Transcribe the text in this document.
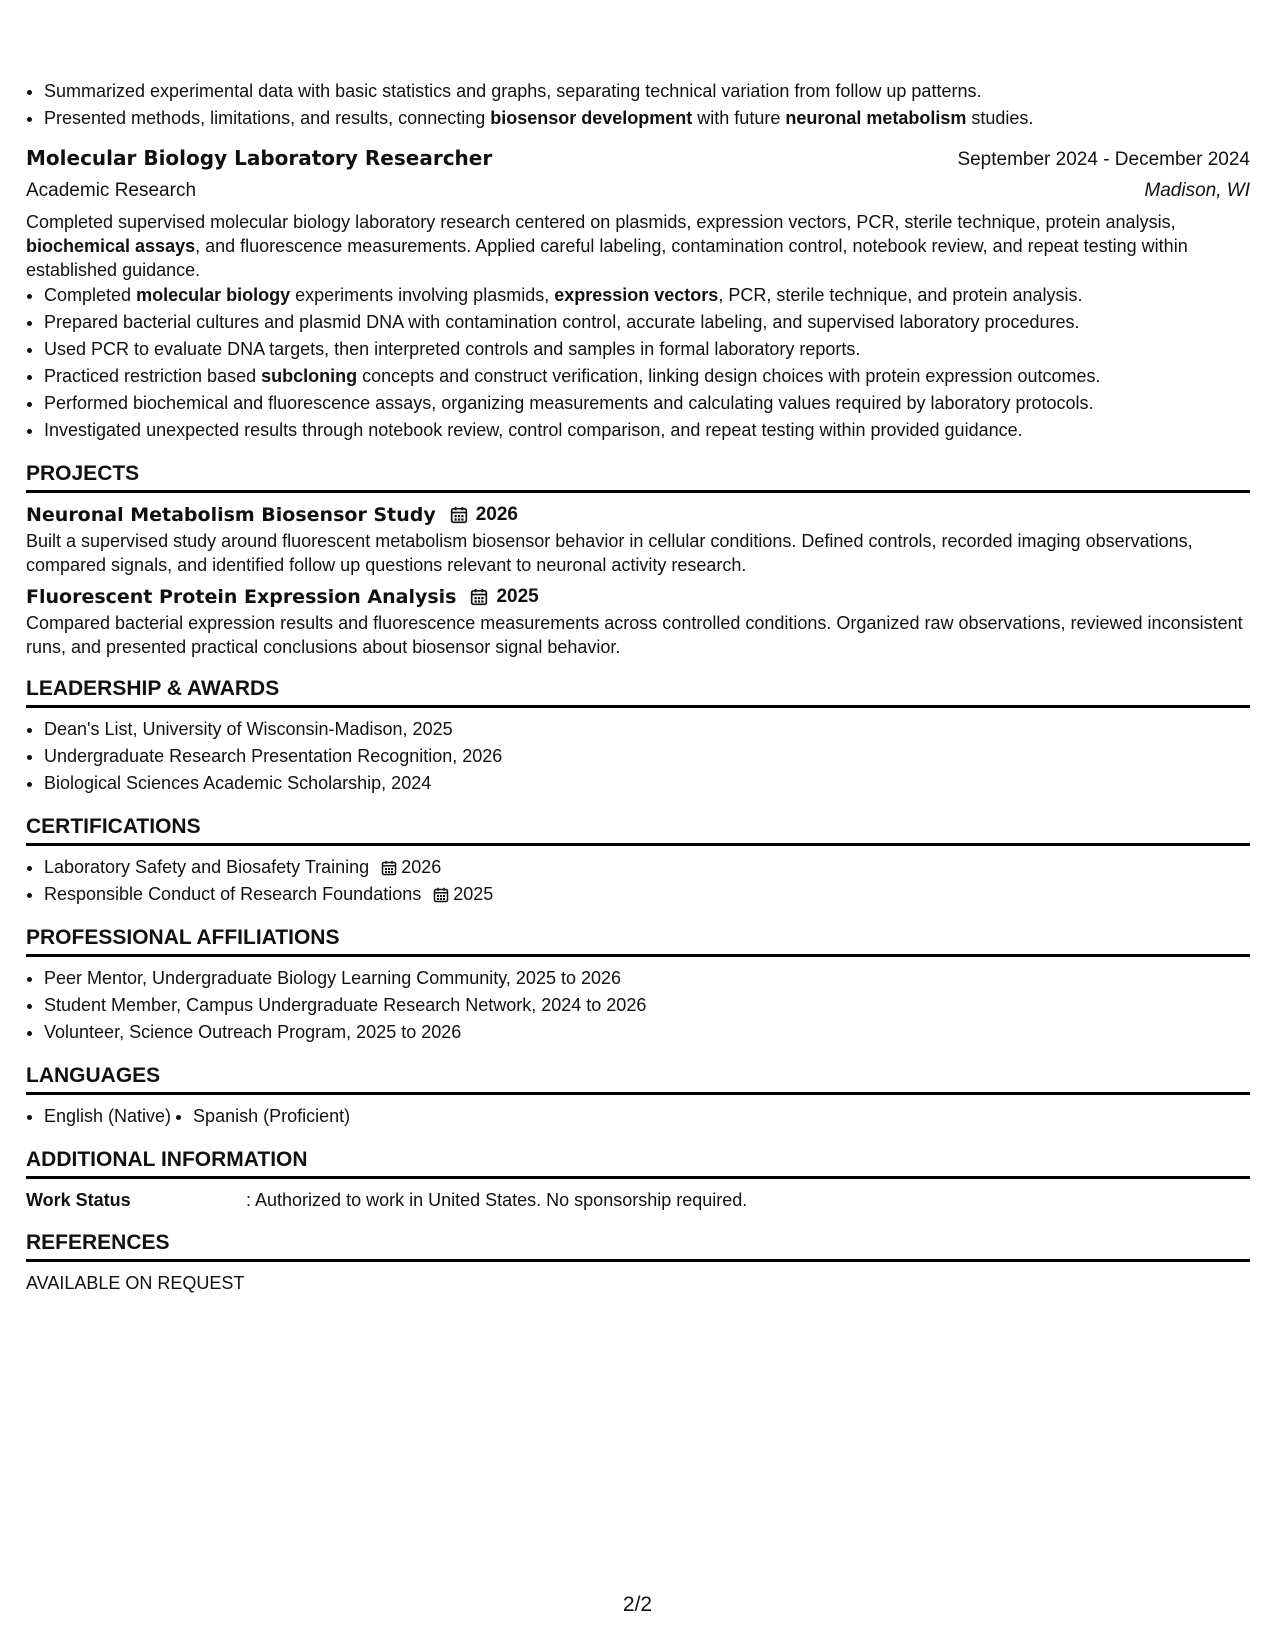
• Summarized experimental data with basic statistics and graphs, separating technical variation from follow up patterns.
• Presented methods, limitations, and results, connecting biosensor development with future neuronal metabolism studies.
Molecular Biology Laboratory Researcher	September 2024 - December 2024
Academic Research	Madison, WI
Completed supervised molecular biology laboratory research centered on plasmids, expression vectors, PCR, sterile technique, protein analysis, biochemical assays, and fluorescence measurements. Applied careful labeling, contamination control, notebook review, and repeat testing within established guidance.
• Completed molecular biology experiments involving plasmids, expression vectors, PCR, sterile technique, and protein analysis.
• Prepared bacterial cultures and plasmid DNA with contamination control, accurate labeling, and supervised laboratory procedures.
• Used PCR to evaluate DNA targets, then interpreted controls and samples in formal laboratory reports.
• Practiced restriction based subcloning concepts and construct verification, linking design choices with protein expression outcomes.
• Performed biochemical and fluorescence assays, organizing measurements and calculating values required by laboratory protocols.
• Investigated unexpected results through notebook review, control comparison, and repeat testing within provided guidance.
PROJECTS
Neuronal Metabolism Biosensor Study 2026
Built a supervised study around fluorescent metabolism biosensor behavior in cellular conditions. Defined controls, recorded imaging observations, compared signals, and identified follow up questions relevant to neuronal activity research.
Fluorescent Protein Expression Analysis 2025
Compared bacterial expression results and fluorescence measurements across controlled conditions. Organized raw observations, reviewed inconsistent runs, and presented practical conclusions about biosensor signal behavior.
LEADERSHIP & AWARDS
• Dean's List, University of Wisconsin-Madison, 2025
• Undergraduate Research Presentation Recognition, 2026
• Biological Sciences Academic Scholarship, 2024
CERTIFICATIONS
• Laboratory Safety and Biosafety Training 2026
• Responsible Conduct of Research Foundations 2025
PROFESSIONAL AFFILIATIONS
• Peer Mentor, Undergraduate Biology Learning Community, 2025 to 2026
• Student Member, Campus Undergraduate Research Network, 2024 to 2026
• Volunteer, Science Outreach Program, 2025 to 2026
LANGUAGES
• English (Native)
• Spanish (Proficient)
ADDITIONAL INFORMATION
Work Status	: Authorized to work in United States. No sponsorship required.
REFERENCES
AVAILABLE ON REQUEST
2/2
